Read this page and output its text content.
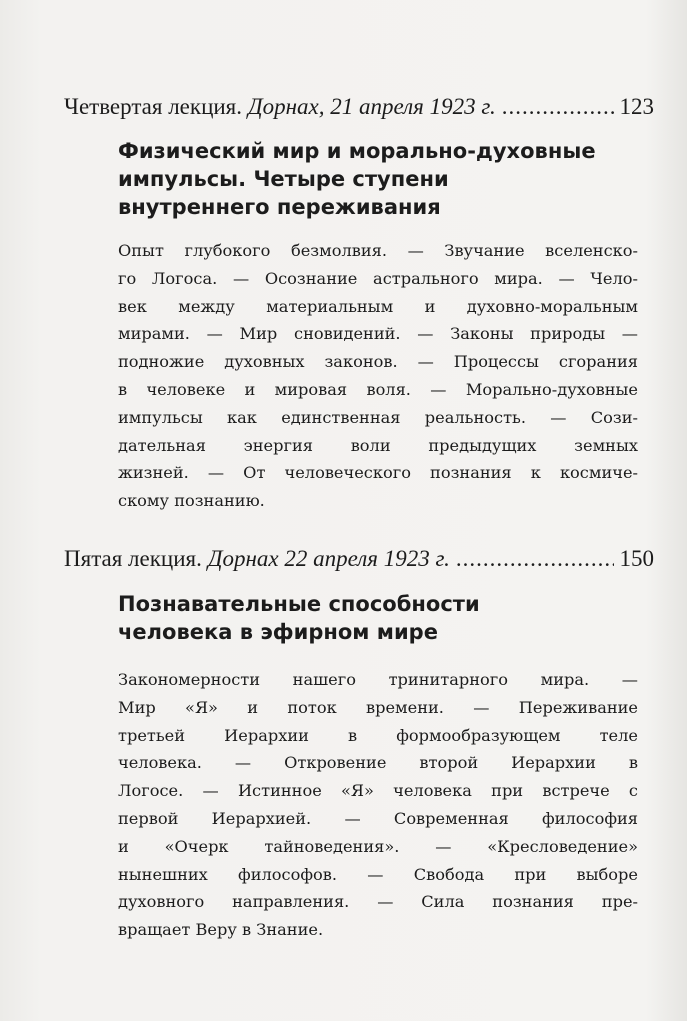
Четвертая лекция. Дорнах, 21 апреля 1923 г. .....	123
Физический мир и морально-духовные
импульсы. Четыре ступени
внутреннего переживания
Опыт глубокого безмолвия. — Звучание вселенско-
го Логоса. — Осознание астрального мира. — Чело-
век между материальным и духовно-моральным
мирами. — Мир сновидений. — Законы природы —
подножие духовных законов. — Процессы сгорания
в человеке и мировая воля. — Морально-духовные
импульсы как единственная реальность. — Сози-
дательная энергия воли предыдущих земных
жизней. — От человеческого познания к космиче-
скому познанию.
Пятая лекция. Дорнах 22 апреля 1923 г. .....	150
Познавательные способности
человека в эфирном мире
Закономерности нашего тринитарного мира. —
Мир «Я» и поток времени. — Переживание
третьей Иерархии в формообразующем теле
человека. — Откровение второй Иерархии в
Логосе. — Истинное «Я» человека при встрече с
первой Иерархией. — Современная философия
и «Очерк тайноведения». — «Кресловедение»
нынешних философов. — Свобода при выборе
духовного направления. — Сила познания пре-
вращает Веру в Знание.
